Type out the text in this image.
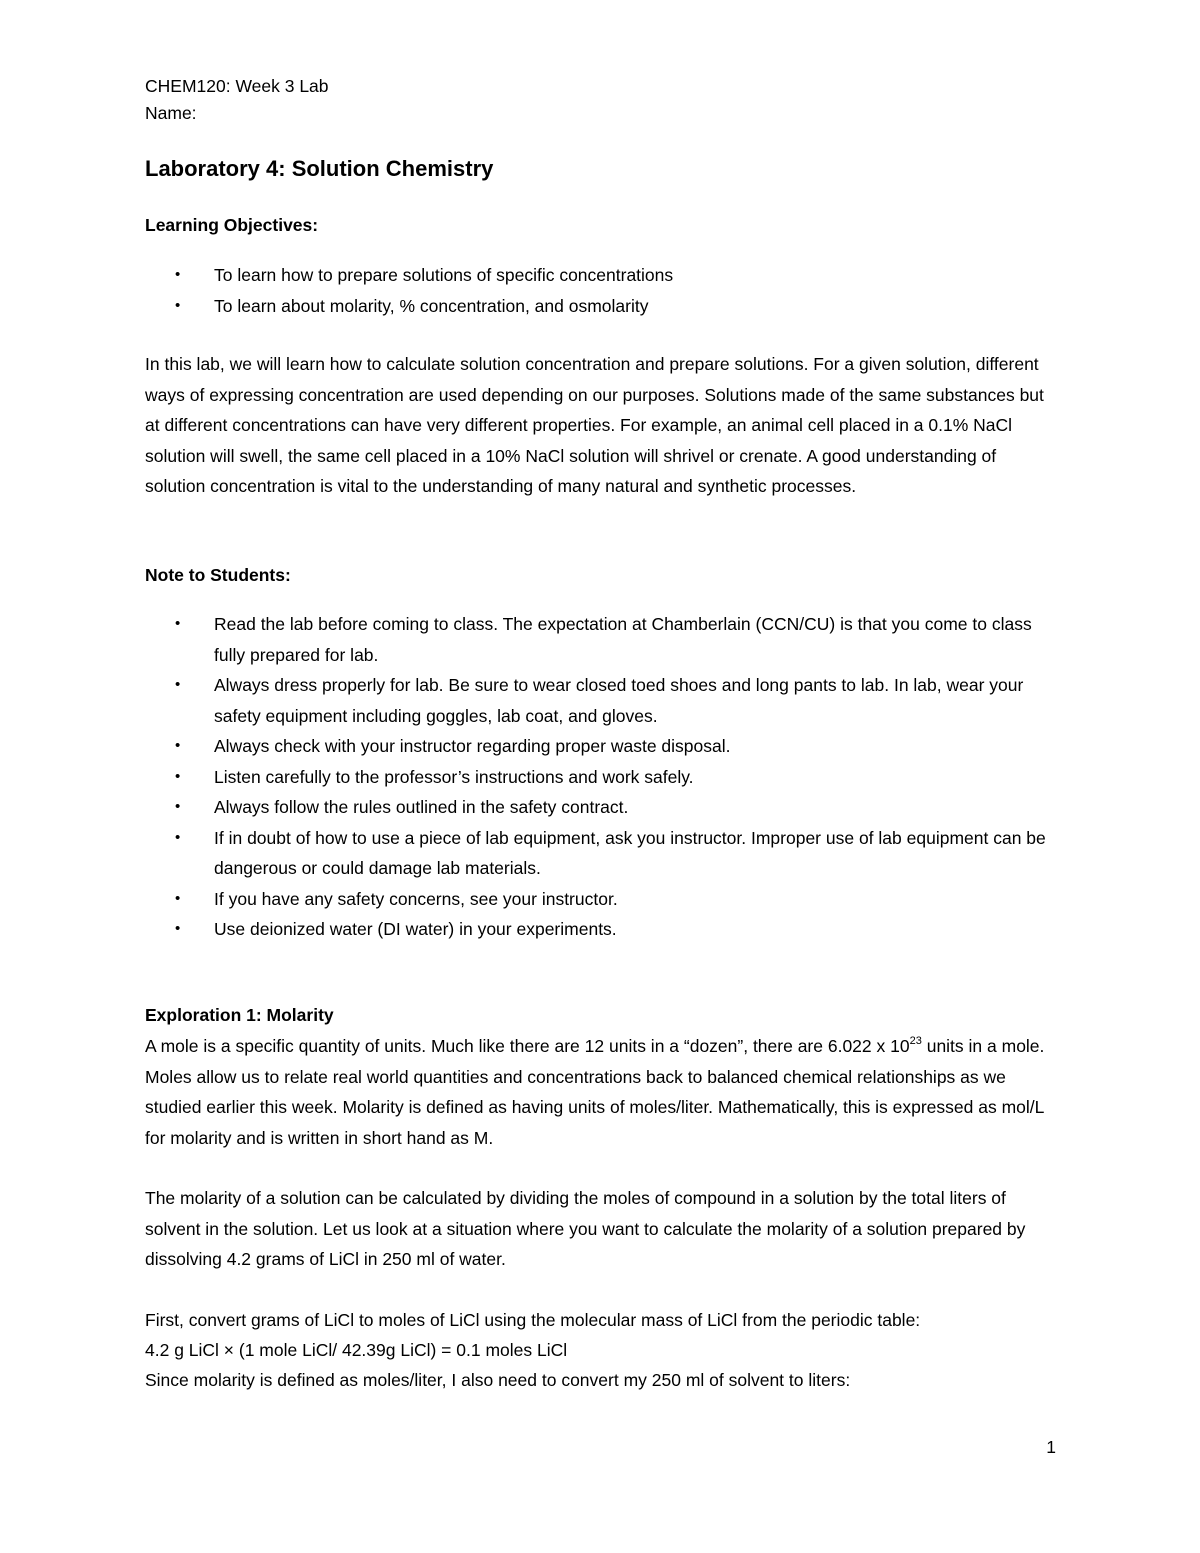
CHEM120: Week 3 Lab
Name:
Laboratory 4: Solution Chemistry
Learning Objectives:
• To learn how to prepare solutions of specific concentrations
• To learn about molarity, % concentration, and osmolarity
In this lab, we will learn how to calculate solution concentration and prepare solutions. For a given solution, different ways of expressing concentration are used depending on our purposes. Solutions made of the same substances but at different concentrations can have very different properties. For example, an animal cell placed in a 0.1% NaCl solution will swell, the same cell placed in a 10% NaCl solution will shrivel or crenate. A good understanding of solution concentration is vital to the understanding of many natural and synthetic processes.
Note to Students:
• Read the lab before coming to class. The expectation at Chamberlain (CCN/CU) is that you come to class fully prepared for lab.
• Always dress properly for lab. Be sure to wear closed toed shoes and long pants to lab. In lab, wear your safety equipment including goggles, lab coat, and gloves.
• Always check with your instructor regarding proper waste disposal.
• Listen carefully to the professor’s instructions and work safely.
• Always follow the rules outlined in the safety contract.
• If in doubt of how to use a piece of lab equipment, ask you instructor. Improper use of lab equipment can be dangerous or could damage lab materials.
• If you have any safety concerns, see your instructor.
• Use deionized water (DI water) in your experiments.
Exploration 1: Molarity
A mole is a specific quantity of units. Much like there are 12 units in a “dozen”, there are 6.022 x $10^{23}$ units in a mole. Moles allow us to relate real world quantities and concentrations back to balanced chemical relationships as we studied earlier this week. Molarity is defined as having units of moles/liter. Mathematically, this is expressed as mol/L for molarity and is written in short hand as M.
The molarity of a solution can be calculated by dividing the moles of compound in a solution by the total liters of solvent in the solution. Let us look at a situation where you want to calculate the molarity of a solution prepared by dissolving 4.2 grams of LiCl in 250 ml of water.
First, convert grams of LiCl to moles of LiCl using the molecular mass of LiCl from the periodic table:
4.2 g LiCl × (1 mole LiCl/ 42.39g LiCl) = 0.1 moles LiCl
Since molarity is defined as moles/liter, I also need to convert my 250 ml of solvent to liters:
1
